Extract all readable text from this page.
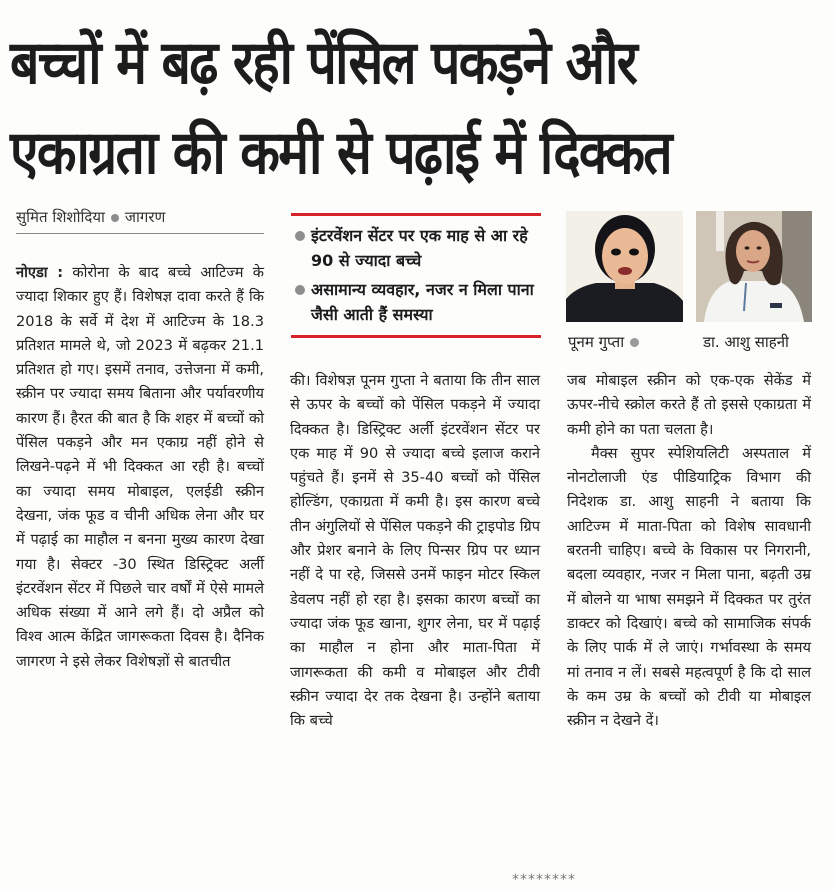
बच्चों में बढ़ रही पेंसिल पकड़ने और
एकाग्रता की कमी से पढ़ाई में दिक्कत
सुमित शिशोदिया जागरण

नोएडा : कोरोना के बाद बच्चे आटिज्म के ज्यादा शिकार हुए हैं। विशेषज्ञ दावा करते हैं कि 2018 के सर्वे में देश में आटिज्म के 18.3 प्रतिशत मामले थे, जो 2023 में बढ़कर 21.1 प्रतिशत हो गए। इसमें तनाव, उत्तेजना में कमी, स्क्रीन पर ज्यादा समय बिताना और पर्यावरणीय कारण हैं। हैरत की बात है कि शहर में बच्चों को पेंसिल पकड़ने और मन एकाग्र नहीं होने से लिखने-पढ़ने में भी दिक्कत आ रही है। बच्चों का ज्यादा समय मोबाइल, एलईडी स्क्रीन देखना, जंक फूड व चीनी अधिक लेना और घर में पढ़ाई का माहौल न बनना मुख्य कारण देखा गया है। सेक्टर -30 स्थित डिस्ट्रिक्ट अर्ली इंटरवेंशन सेंटर में पिछले चार वर्षों में ऐसे मामले अधिक संख्या में आने लगे हैं। दो अप्रैल को विश्व आत्म केंद्रित जागरूकता दिवस है। दैनिक जागरण ने इसे लेकर विशेषज्ञों से बातचीत

इंटरवेंशन सेंटर पर एक माह से आ रहे 90 से ज्यादा बच्चे
असामान्य व्यवहार, नजर न मिला पाना जैसी आती हैं समस्या

की। विशेषज्ञ पूनम गुप्ता ने बताया कि तीन साल से ऊपर के बच्चों को पेंसिल पकड़ने में ज्यादा दिक्कत है। डिस्ट्रिक्ट अर्ली इंटरवेंशन सेंटर पर एक माह में 90 से ज्यादा बच्चे इलाज कराने पहुंचते हैं। इनमें से 35-40 बच्चों को पेंसिल होल्डिंग, एकाग्रता में कमी है। इस कारण बच्चे तीन अंगुलियों से पेंसिल पकड़ने की ट्राइपोड ग्रिप और प्रेशर बनाने के लिए पिन्सर ग्रिप पर ध्यान नहीं दे पा रहे, जिससे उनमें फाइन मोटर स्किल डेवलप नहीं हो रहा है। इसका कारण बच्चों का ज्यादा जंक फूड खाना, शुगर लेना, घर में पढ़ाई का माहौल न होना और माता-पिता में जागरूकता की कमी व मोबाइल और टीवी स्क्रीन ज्यादा देर तक देखना है। उन्होंने बताया कि बच्चे

पूनम गुप्ता	डा. आशु साहनी

जब मोबाइल स्क्रीन को एक-एक सेकेंड में ऊपर-नीचे स्क्रोल करते हैं तो इससे एकाग्रता में कमी होने का पता चलता है।

मैक्स सुपर स्पेशियलिटी अस्पताल में नोनटोलाजी एंड पीडियाट्रिक विभाग की निदेशक डा. आशु साहनी ने बताया कि आटिज्म में माता-पिता को विशेष सावधानी बरतनी चाहिए। बच्चे के विकास पर निगरानी, बदला व्यवहार, नजर न मिला पाना, बढ़ती उम्र में बोलने या भाषा समझने में दिक्कत पर तुरंत डाक्टर को दिखाएं। बच्चे को सामाजिक संपर्क के लिए पार्क में ले जाएं। गर्भावस्था के समय मां तनाव न लें। सबसे महत्वपूर्ण है कि दो साल के कम उम्र के बच्चों को टीवी या मोबाइल स्क्रीन न देखने दें।

********
